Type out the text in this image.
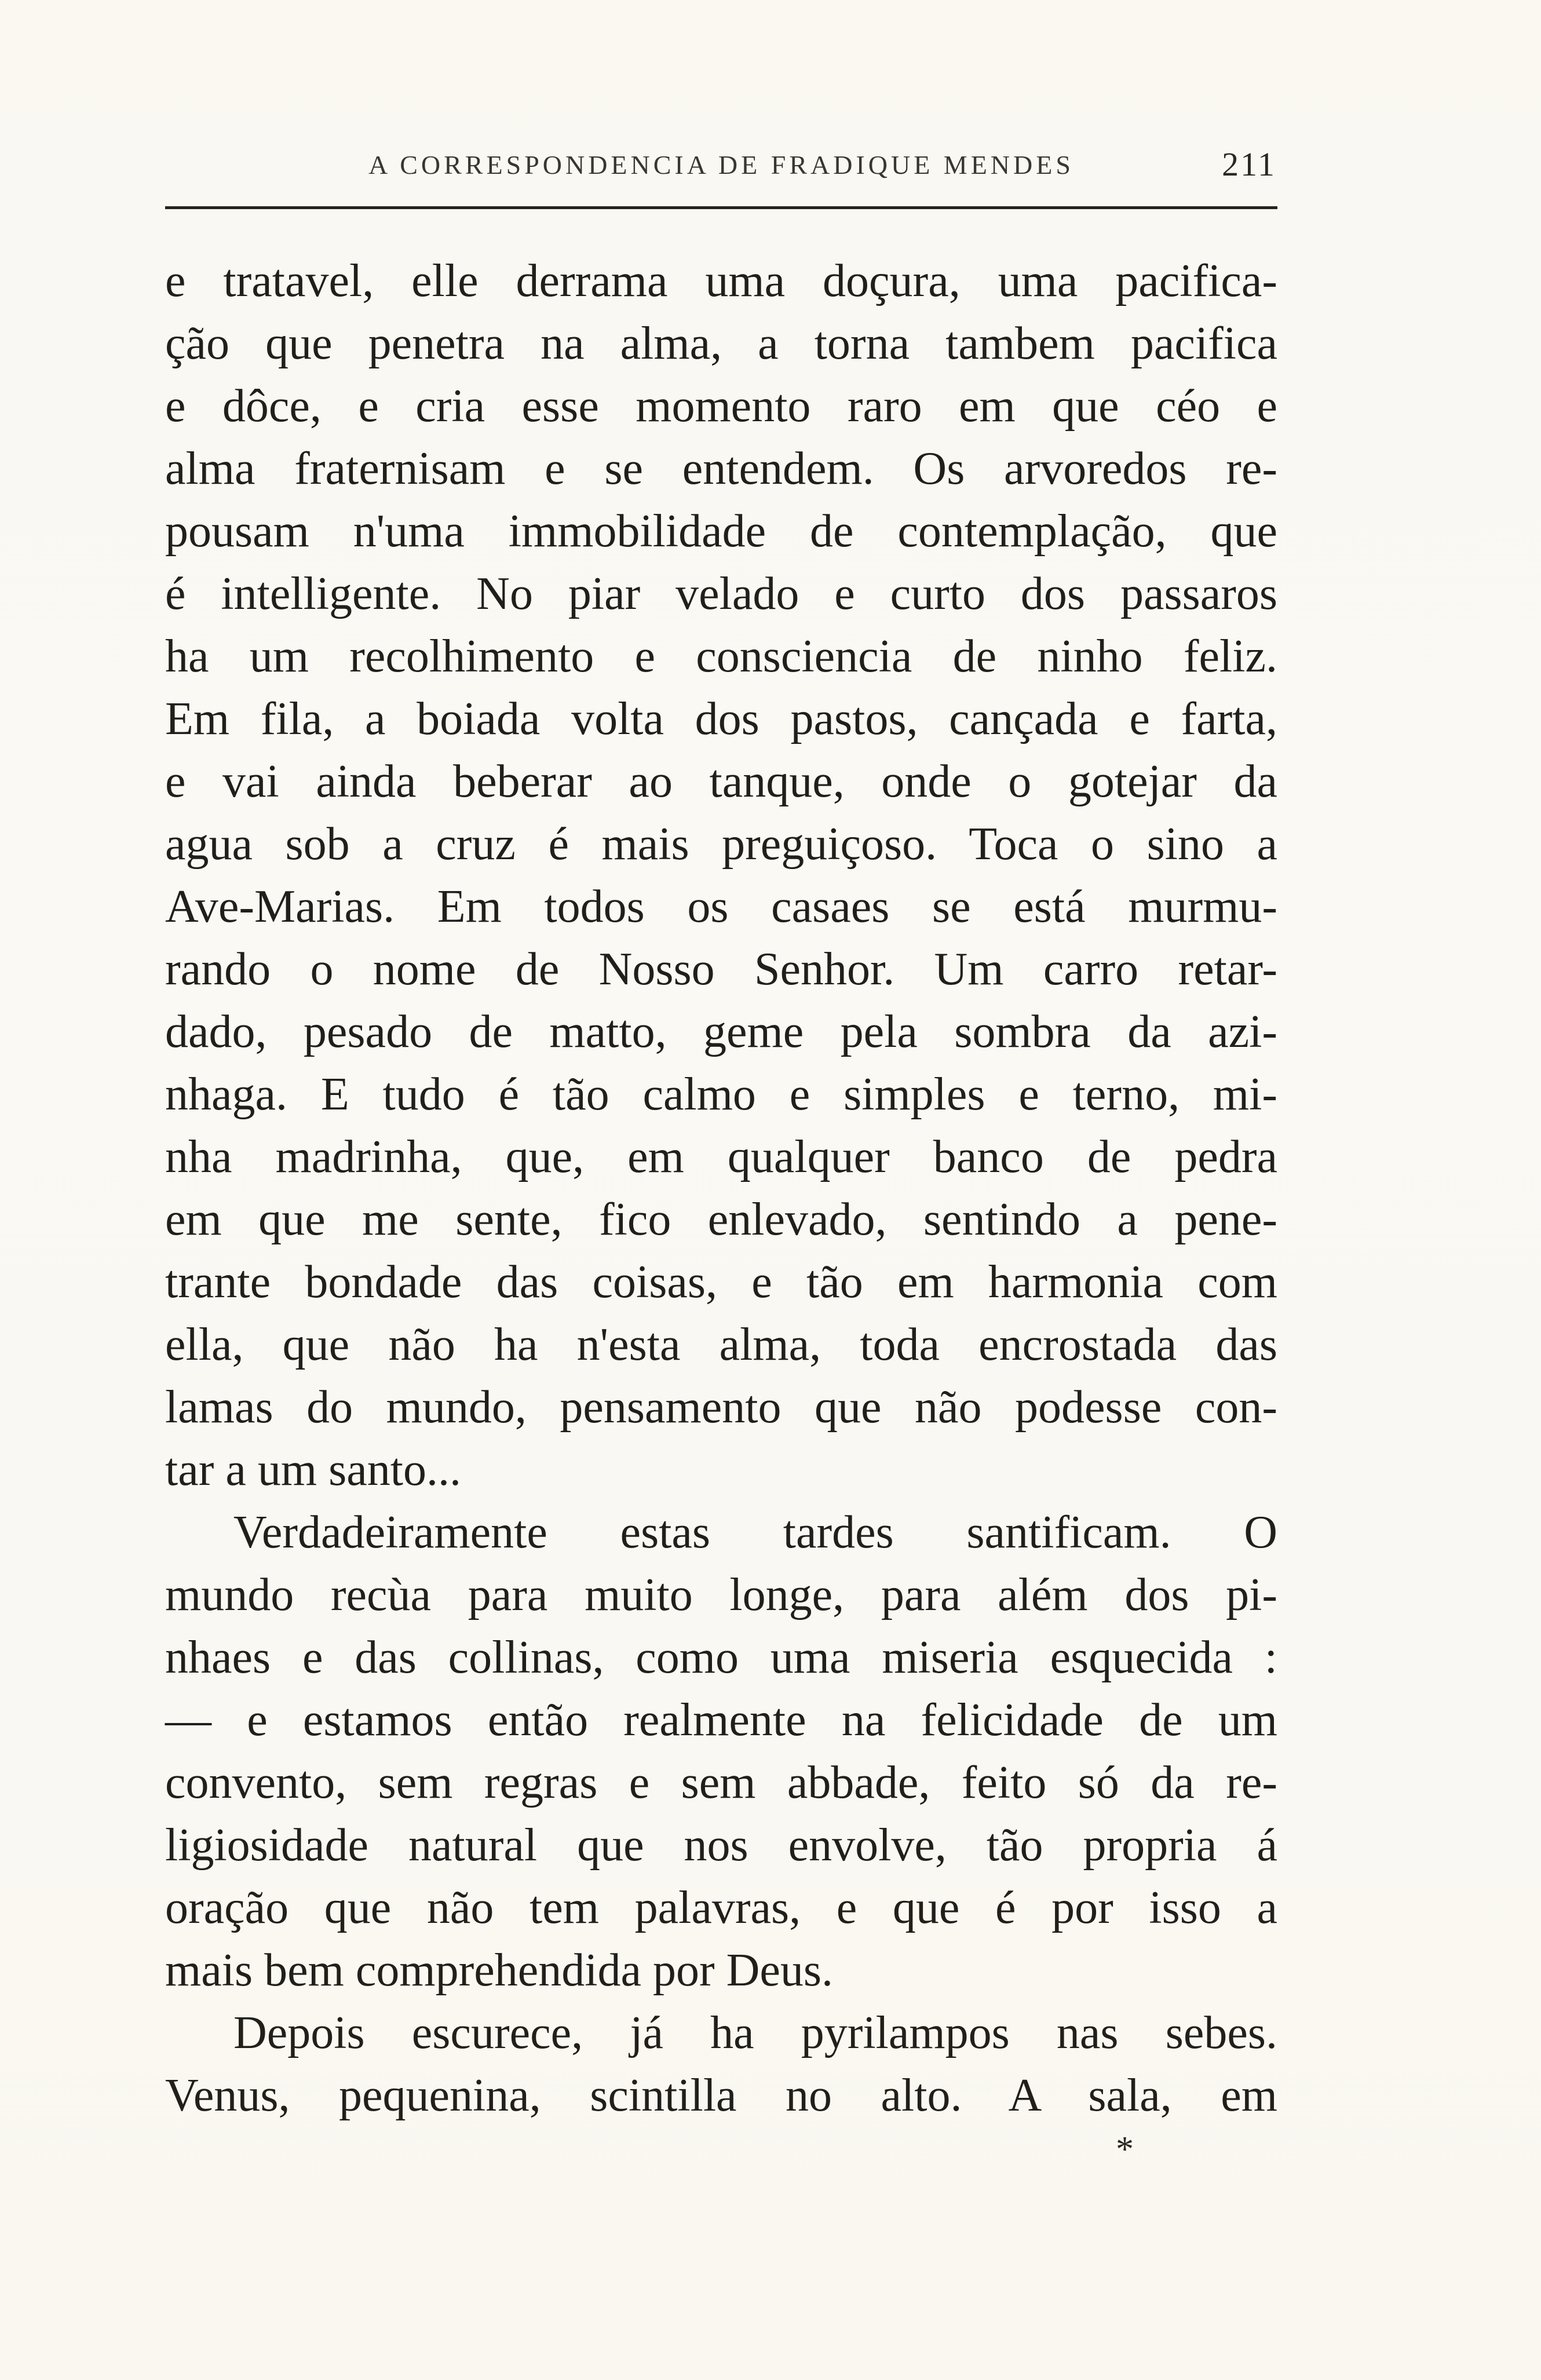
A CORRESPONDENCIA DE FRADIQUE MENDES	211
e tratavel, elle derrama uma doçura, uma pacifica-
ção que penetra na alma, a torna tambem pacifica
e dôce, e cria esse momento raro em que céo e
alma fraternisam e se entendem. Os arvoredos re-
pousam n'uma immobilidade de contemplação, que
é intelligente. No piar velado e curto dos passaros
ha um recolhimento e consciencia de ninho feliz.
Em fila, a boiada volta dos pastos, cançada e farta,
e vai ainda beberar ao tanque, onde o gotejar da
agua sob a cruz é mais preguiçoso. Toca o sino a
Ave-Marias. Em todos os casaes se está murmu-
rando o nome de Nosso Senhor. Um carro retar-
dado, pesado de matto, geme pela sombra da azi-
nhaga. E tudo é tão calmo e simples e terno, mi-
nha madrinha, que, em qualquer banco de pedra
em que me sente, fico enlevado, sentindo a pene-
trante bondade das coisas, e tão em harmonia com
ella, que não ha n'esta alma, toda encrostada das
lamas do mundo, pensamento que não podesse con-
tar a um santo...
Verdadeiramente estas tardes santificam. O
mundo recùa para muito longe, para além dos pi-
nhaes e das collinas, como uma miseria esquecida :
— e estamos então realmente na felicidade de um
convento, sem regras e sem abbade, feito só da re-
ligiosidade natural que nos envolve, tão propria á
oração que não tem palavras, e que é por isso a
mais bem comprehendida por Deus.
Depois escurece, já ha pyrilampos nas sebes.
Venus, pequenina, scintilla no alto. A sala, em
*
